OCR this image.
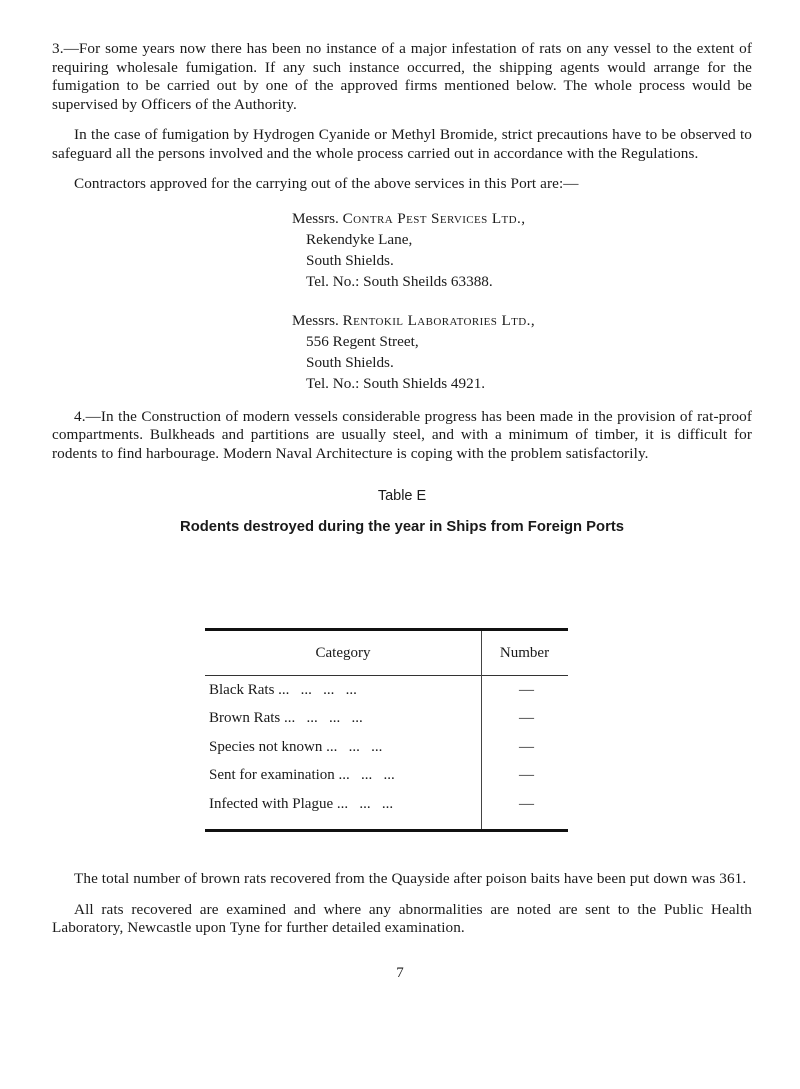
3.—For some years now there has been no instance of a major infestation of rats on any vessel to the extent of requiring wholesale fumigation. If any such instance occurred, the shipping agents would arrange for the fumigation to be carried out by one of the approved firms mentioned below. The whole process would be supervised by Officers of the Authority.

In the case of fumigation by Hydrogen Cyanide or Methyl Bromide, strict precautions have to be observed to safeguard all the persons involved and the whole process carried out in accordance with the Regulations.

Contractors approved for the carrying out of the above services in this Port are:—

Messrs. Contra Pest Services Ltd.,
Rekendyke Lane,
South Shields.
Tel. No.: South Sheilds 63388.
Messrs. Rentokil Laboratories Ltd.,
556 Regent Street,
South Shields.
Tel. No.: South Shields 4921.

4.—In the Construction of modern vessels considerable progress has been made in the provision of rat-proof compartments. Bulkheads and partitions are usually steel, and with a minimum of timber, it is difficult for rodents to find harbourage. Modern Naval Architecture is coping with the problem satisfactorily.

Table E

Rodents destroyed during the year in Ships from Foreign Ports

Category	Number
Black Rats ...   ...   ...   ...	—
Brown Rats ...   ...   ...   ...	—
Species not known ...   ...   ...	—
Sent for examination ...   ...   ...	—
Infected with Plague ...   ...   ...	—

The total number of brown rats recovered from the Quayside after poison baits have been put down was 361.

All rats recovered are examined and where any abnormalities are noted are sent to the Public Health Laboratory, Newcastle upon Tyne for further detailed examination.

7
